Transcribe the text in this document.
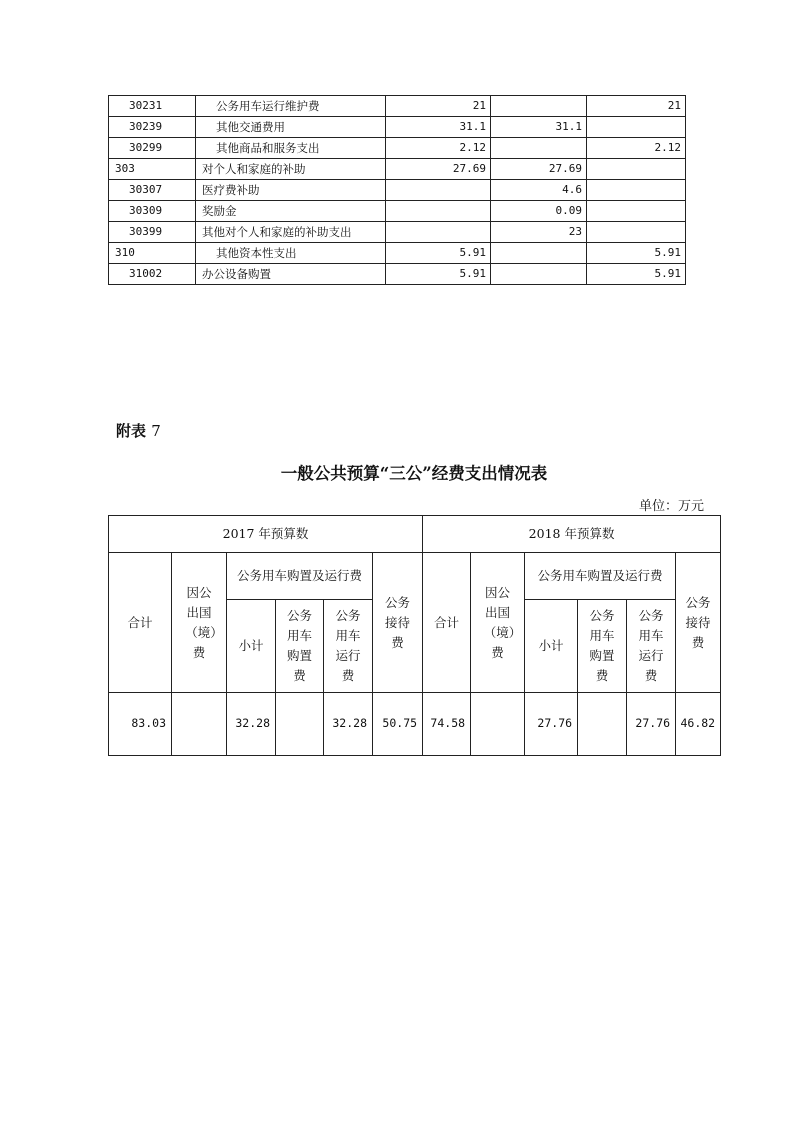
30231	公务用车运行维护费	21		21
30239	其他交通费用	31.1	31.1	
30299	其他商品和服务支出	2.12		2.12
303	对个人和家庭的补助	27.69	27.69	
30307	医疗费补助		4.6	
30309	奖励金		0.09	
30399	其他对个人和家庭的补助支出		23	
310	其他资本性支出	5.91		5.91
31002	办公设备购置	5.91		5.91
附表 7
一般公共预算“三公”经费支出情况表
单位：万元
2017 年预算数						2018 年预算数					
合计	因公出国（境）费	公务用车购置及运行费			公务接待费	合计	因公出国（境）费	公务用车购置及运行费			公务接待费
		小计	公务用车购置费	公务用车运行费				小计	公务用车购置费	公务用车运行费	
83.03		32.28		32.28	50.75	74.58		27.76		27.76	46.82
